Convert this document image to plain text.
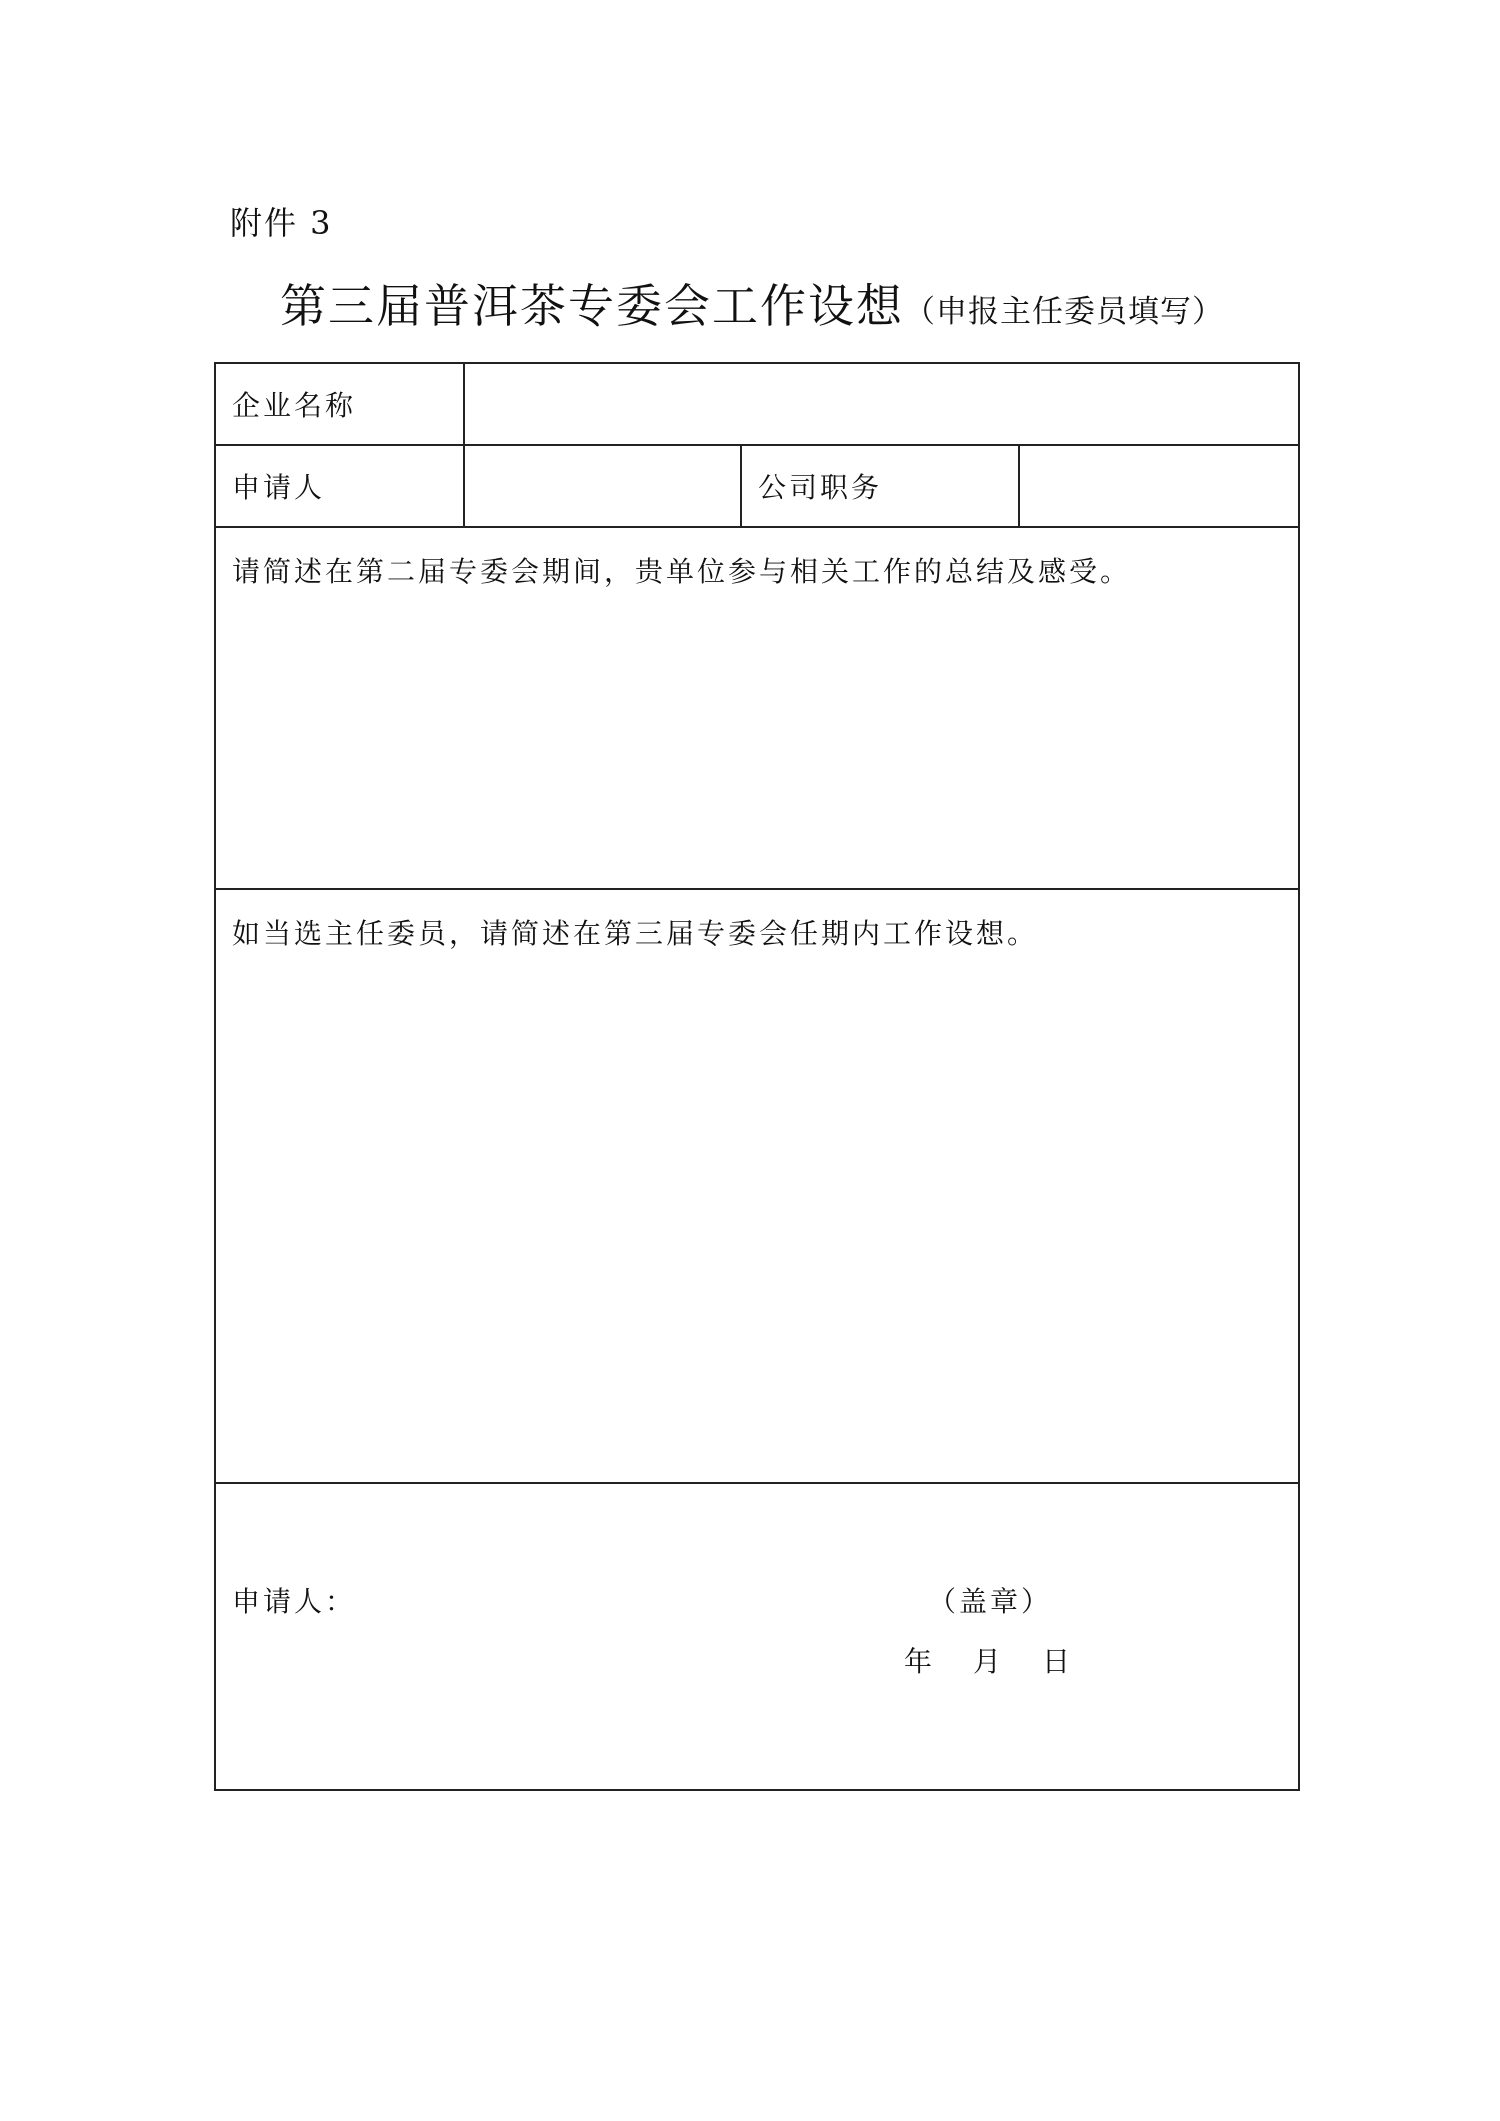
附件 3
第三届普洱茶专委会工作设想（申报主任委员填写）
企业名称			
申请人		公司职务	

请简述在第二届专委会期间，贵单位参与相关工作的总结及感受。			

如当选主任委员，请简述在第三届专委会任期内工作设想。			

申请人： （盖章）
年 月 日			
